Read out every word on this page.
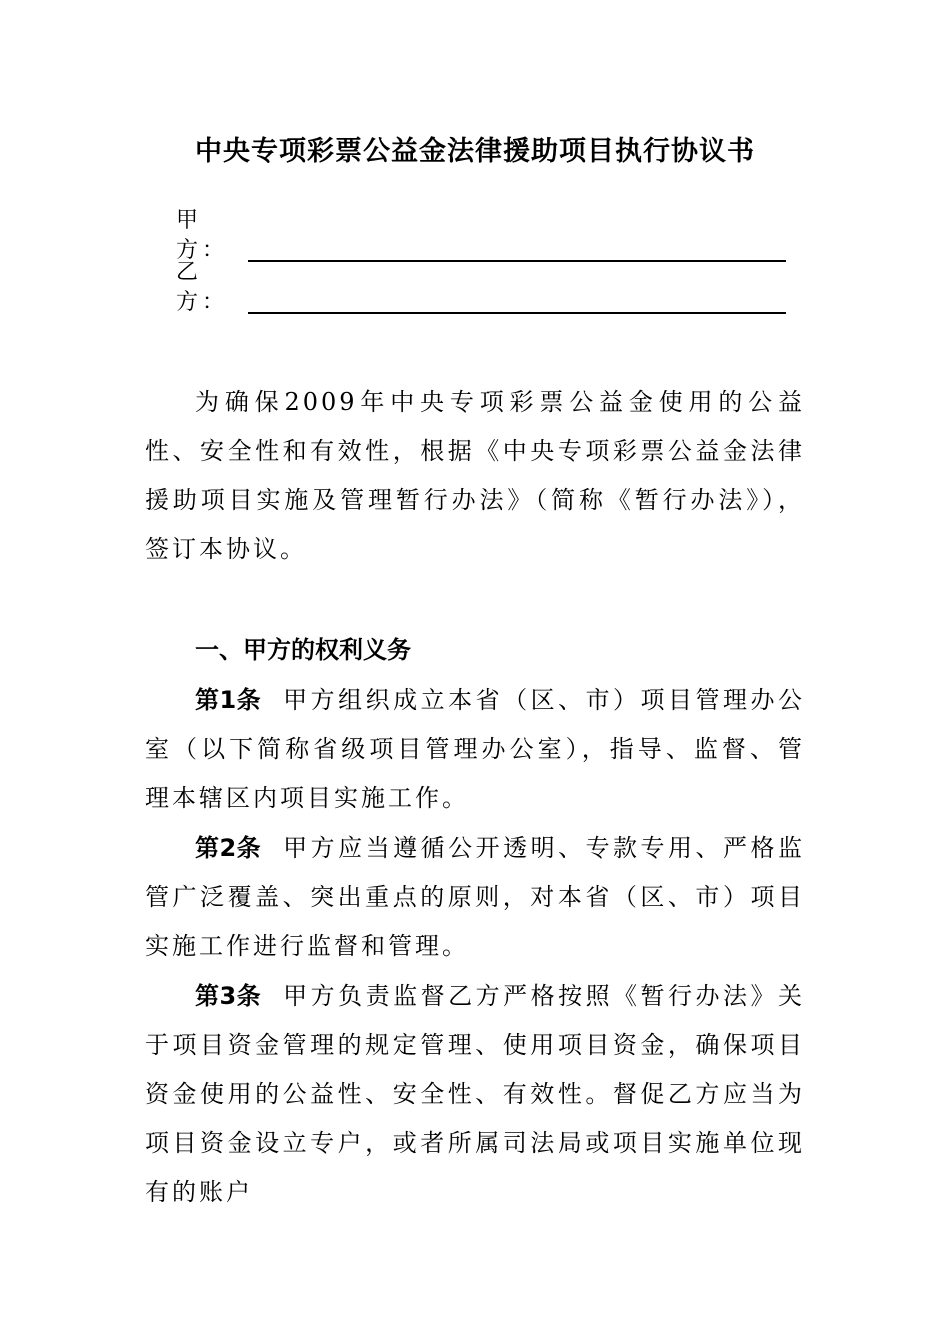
中央专项彩票公益金法律援助项目执行协议书
甲方：
乙方：

为确保2009年中央专项彩票公益金使用的公益性、安全性和有效性，根据《中央专项彩票公益金法律援助项目实施及管理暂行办法》（简称《暂行办法》），签订本协议。

一、甲方的权利义务

第1条 甲方组织成立本省（区、市）项目管理办公室（以下简称省级项目管理办公室），指导、监督、管理本辖区内项目实施工作。

第2条 甲方应当遵循公开透明、专款专用、严格监管广泛覆盖、突出重点的原则，对本省（区、市）项目实施工作进行监督和管理。

第3条 甲方负责监督乙方严格按照《暂行办法》关于项目资金管理的规定管理、使用项目资金，确保项目资金使用的公益性、安全性、有效性。督促乙方应当为项目资金设立专户，或者所属司法局或项目实施单位现有的账户
